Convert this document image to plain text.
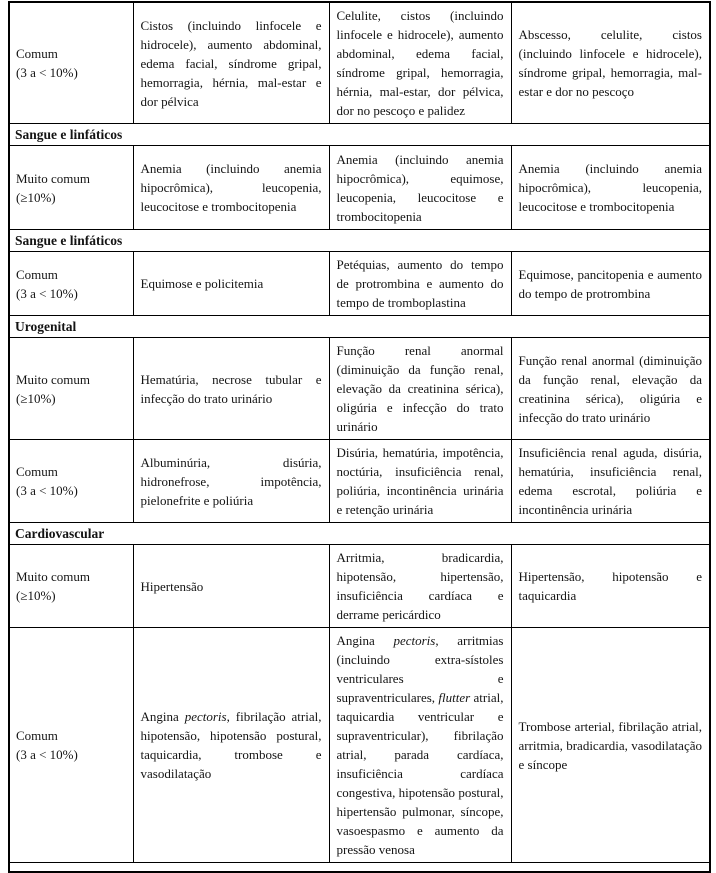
Comum
(3 a < 10%)	Cistos (incluindo linfocele e hidrocele), aumento abdominal, edema facial, síndrome gripal, hemorragia, hérnia, mal-estar e dor pélvica	Celulite, cistos (incluindo linfocele e hidrocele), aumento abdominal, edema facial, síndrome gripal, hemorragia, hérnia, mal-estar, dor pélvica, dor no pescoço e palidez	Abscesso, celulite, cistos (incluindo linfocele e hidrocele), síndrome gripal, hemorragia, mal-estar e dor no pescoço
Sangue e linfáticos			

Muito comum
(≥10%)	Anemia (incluindo anemia hipocrômica), leucopenia, leucocitose e trombocitopenia	Anemia (incluindo anemia hipocrômica), equimose, leucopenia, leucocitose e trombocitopenia	Anemia (incluindo anemia hipocrômica), leucopenia, leucocitose e trombocitopenia
Sangue e linfáticos			

Comum
(3 a < 10%)	Equimose e policitemia	Petéquias, aumento do tempo de protrombina e aumento do tempo de tromboplastina	Equimose, pancitopenia e aumento do tempo de protrombina
Urogenital			

Muito comum
(≥10%)	Hematúria, necrose tubular e infecção do trato urinário	Função renal anormal (diminuição da função renal, elevação da creatinina sérica), oligúria e infecção do trato urinário	Função renal anormal (diminuição da função renal, elevação da creatinina sérica), oligúria e infecção do trato urinário

Comum
(3 a < 10%)	Albuminúria, disúria, hidronefrose, impotência, pielonefrite e poliúria	Disúria, hematúria, impotência, noctúria, insuficiência renal, poliúria, incontinência urinária e retenção urinária	Insuficiência renal aguda, disúria, hematúria, insuficiência renal, edema escrotal, poliúria e incontinência urinária
Cardiovascular			

Muito comum
(≥10%)	Hipertensão	Arritmia, bradicardia, hipotensão, hipertensão, insuficiência cardíaca e derrame pericárdico	Hipertensão, hipotensão e taquicardia

Comum
(3 a < 10%)	Angina pectoris, fibrilação atrial, hipotensão, hipotensão postural, taquicardia, trombose e vasodilatação	Angina pectoris, arritmias (incluindo extra-sístoles ventriculares e supraventriculares, flutter atrial, taquicardia ventricular e supraventricular), fibrilação atrial, parada cardíaca, insuficiência cardíaca congestiva, hipotensão postural, hipertensão pulmonar, síncope, vasoespasmo e aumento da pressão venosa	Trombose arterial, fibrilação atrial, arritmia, bradicardia, vasodilatação e síncope
